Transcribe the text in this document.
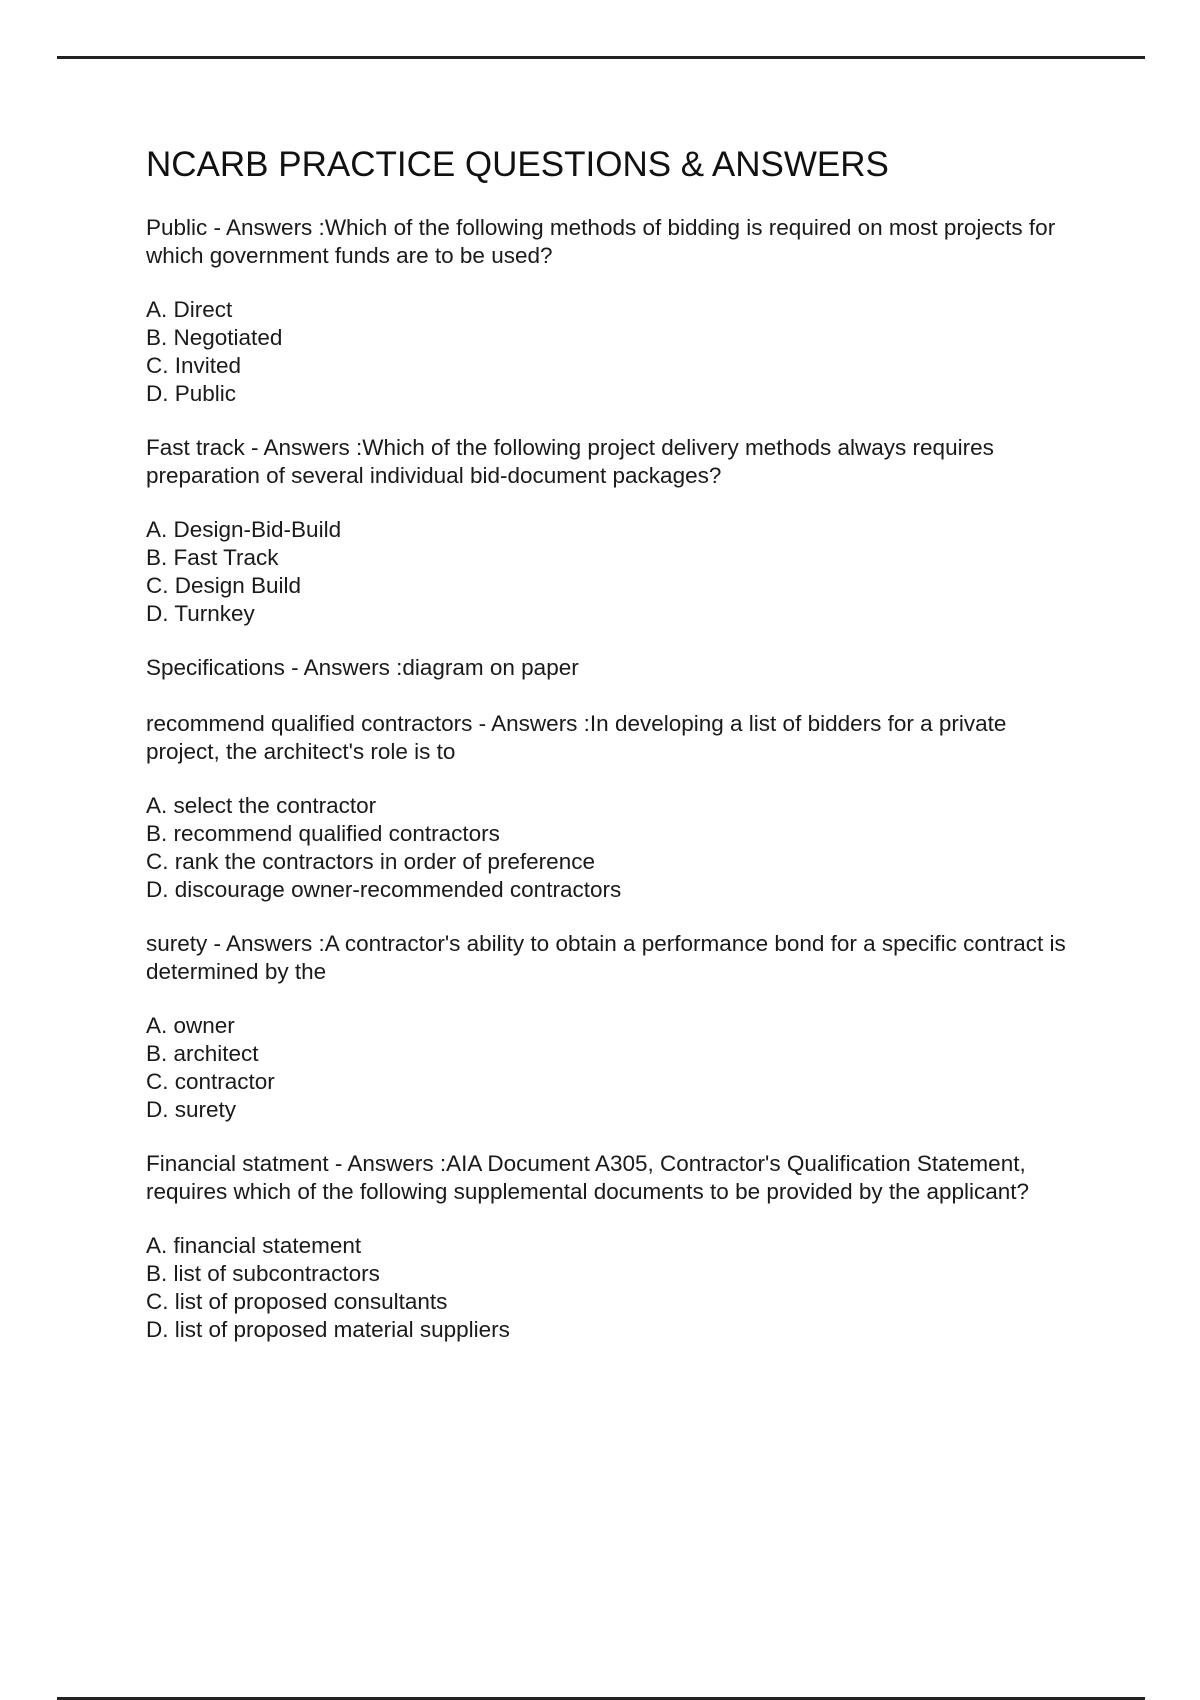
NCARB PRACTICE QUESTIONS & ANSWERS

Public - Answers :Which of the following methods of bidding is required on most projects for which government funds are to be used?

A. Direct
B. Negotiated
C. Invited
D. Public

Fast track - Answers :Which of the following project delivery methods always requires preparation of several individual bid-document packages?

A. Design-Bid-Build
B. Fast Track
C. Design Build
D. Turnkey

Specifications - Answers :diagram on paper

recommend qualified contractors - Answers :In developing a list of bidders for a private project, the architect's role is to

A. select the contractor
B. recommend qualified contractors
C. rank the contractors in order of preference
D. discourage owner-recommended contractors

surety - Answers :A contractor's ability to obtain a performance bond for a specific contract is determined by the

A. owner
B. architect
C. contractor
D. surety

Financial statment - Answers :AIA Document A305, Contractor's Qualification Statement, requires which of the following supplemental documents to be provided by the applicant?

A. financial statement
B. list of subcontractors
C. list of proposed consultants
D. list of proposed material suppliers
